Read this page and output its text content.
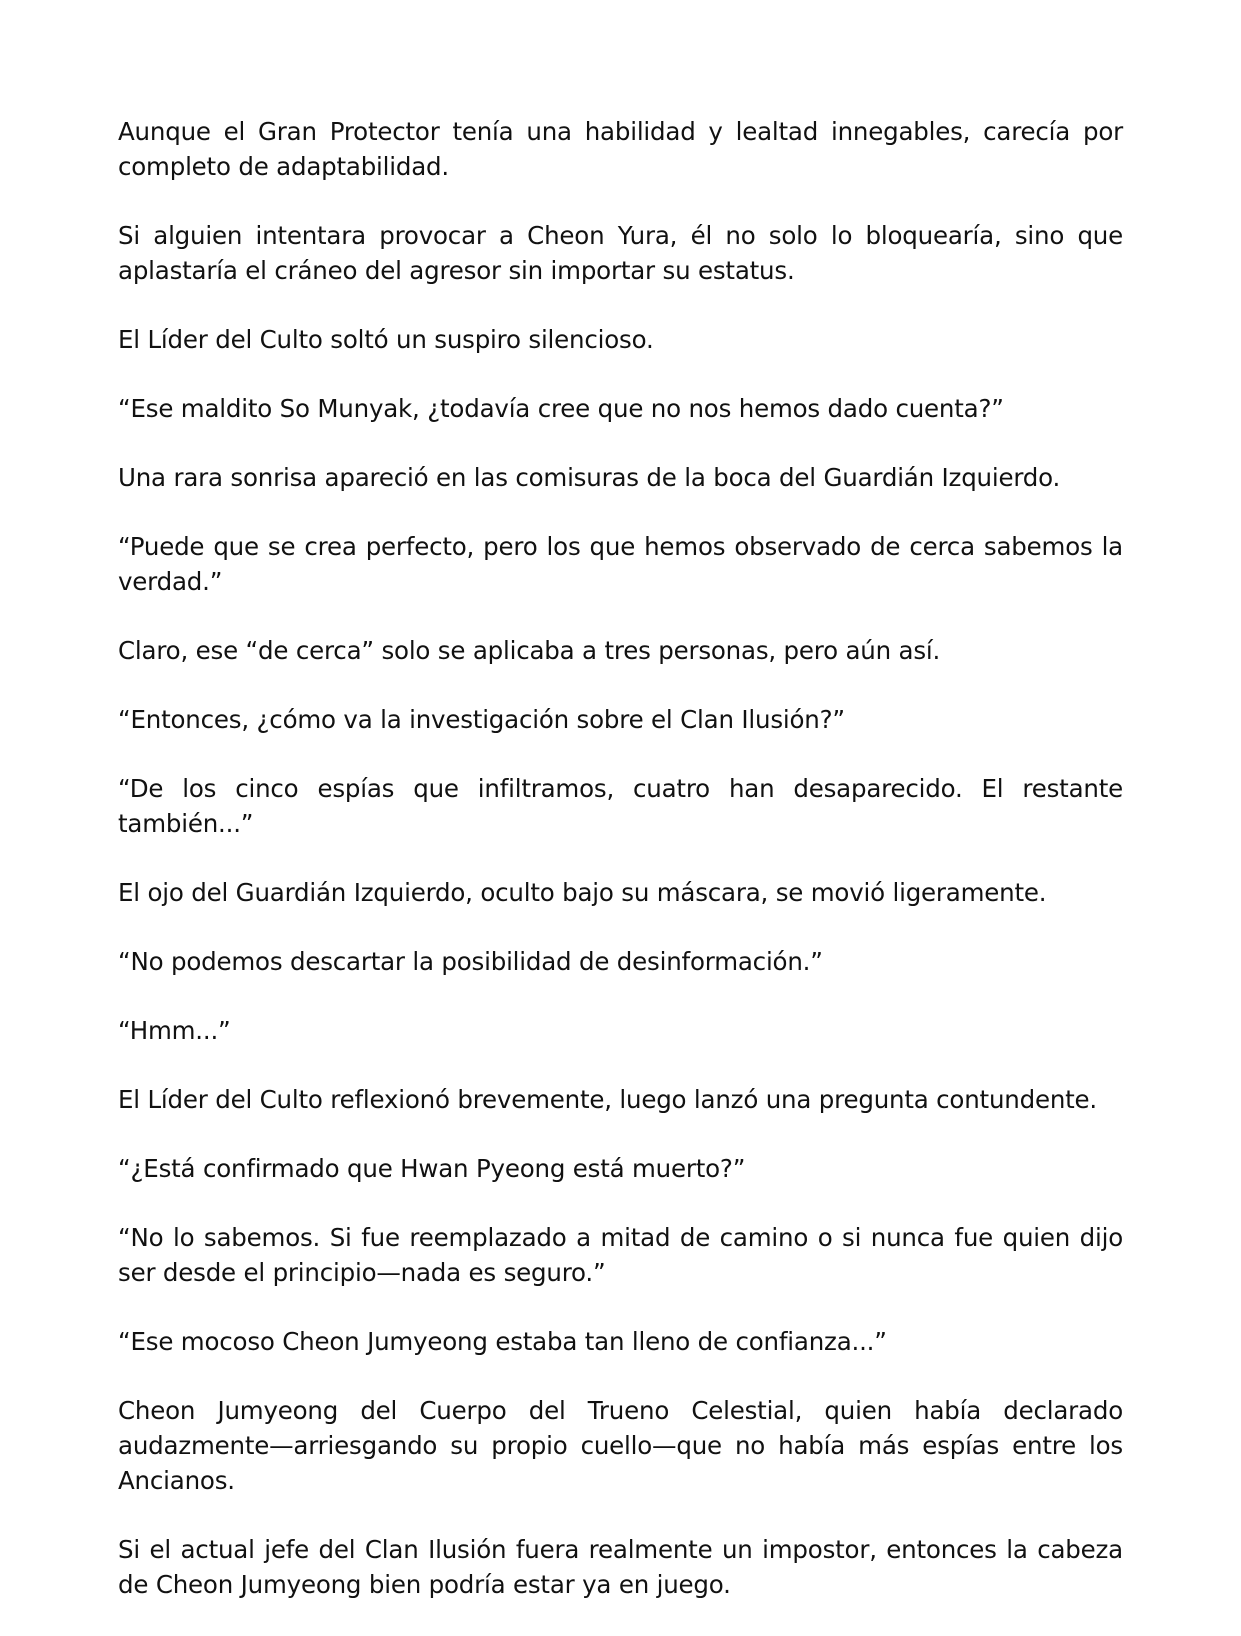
Aunque el Gran Protector tenía una habilidad y lealtad innegables, carecía por completo de adaptabilidad.

Si alguien intentara provocar a Cheon Yura, él no solo lo bloquearía, sino que aplastaría el cráneo del agresor sin importar su estatus.

El Líder del Culto soltó un suspiro silencioso.

“Ese maldito So Munyak, ¿todavía cree que no nos hemos dado cuenta?”

Una rara sonrisa apareció en las comisuras de la boca del Guardián Izquierdo.

“Puede que se crea perfecto, pero los que hemos observado de cerca sabemos la verdad.”

Claro, ese “de cerca” solo se aplicaba a tres personas, pero aún así.

“Entonces, ¿cómo va la investigación sobre el Clan Ilusión?”

“De los cinco espías que infiltramos, cuatro han desaparecido. El restante también...”

El ojo del Guardián Izquierdo, oculto bajo su máscara, se movió ligeramente.

“No podemos descartar la posibilidad de desinformación.”

“Hmm...”

El Líder del Culto reflexionó brevemente, luego lanzó una pregunta contundente.

“¿Está confirmado que Hwan Pyeong está muerto?”

“No lo sabemos. Si fue reemplazado a mitad de camino o si nunca fue quien dijo ser desde el principio—nada es seguro.”

“Ese mocoso Cheon Jumyeong estaba tan lleno de confianza...”

Cheon Jumyeong del Cuerpo del Trueno Celestial, quien había declarado audazmente—arriesgando su propio cuello—que no había más espías entre los Ancianos.

Si el actual jefe del Clan Ilusión fuera realmente un impostor, entonces la cabeza de Cheon Jumyeong bien podría estar ya en juego.
